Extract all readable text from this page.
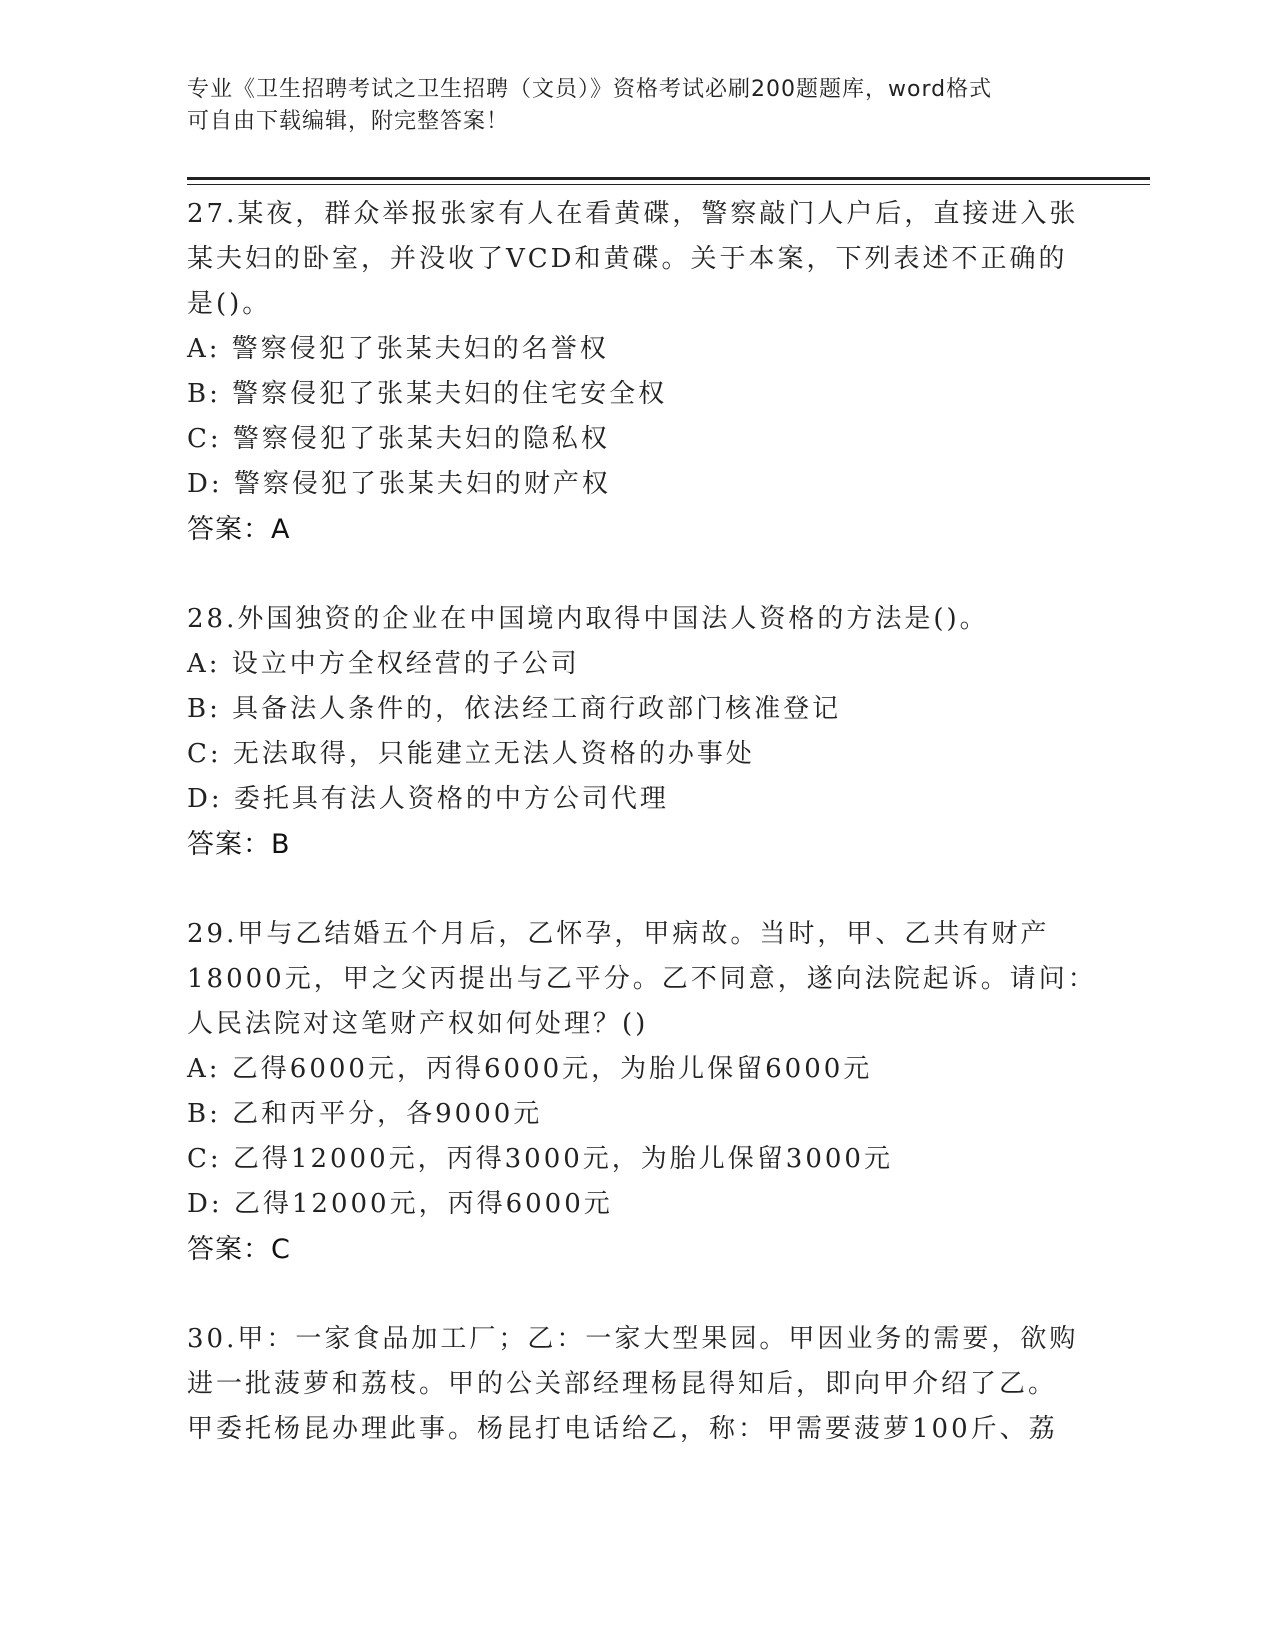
专业《卫生招聘考试之卫生招聘（文员）》资格考试必刷200题题库，word格式
可自由下载编辑，附完整答案！
27.某夜，群众举报张家有人在看黄碟，警察敲门人户后，直接进入张
某夫妇的卧室，并没收了VCD和黄碟。关于本案，下列表述不正确的
是()。
A: 警察侵犯了张某夫妇的名誉权
B: 警察侵犯了张某夫妇的住宅安全权
C: 警察侵犯了张某夫妇的隐私权
D: 警察侵犯了张某夫妇的财产权
答案：A
28.外国独资的企业在中国境内取得中国法人资格的方法是()。
A: 设立中方全权经营的子公司
B: 具备法人条件的，依法经工商行政部门核准登记
C: 无法取得，只能建立无法人资格的办事处
D: 委托具有法人资格的中方公司代理
答案：B
29.甲与乙结婚五个月后，乙怀孕，甲病故。当时，甲、乙共有财产
18000元，甲之父丙提出与乙平分。乙不同意，遂向法院起诉。请问：
人民法院对这笔财产权如何处理？()
A: 乙得6000元，丙得6000元，为胎儿保留6000元
B: 乙和丙平分，各9000元
C: 乙得12000元，丙得3000元，为胎儿保留3000元
D: 乙得12000元，丙得6000元
答案：C
30.甲：一家食品加工厂；乙：一家大型果园。甲因业务的需要，欲购
进一批菠萝和荔枝。甲的公关部经理杨昆得知后，即向甲介绍了乙。
甲委托杨昆办理此事。杨昆打电话给乙，称：甲需要菠萝100斤、荔
